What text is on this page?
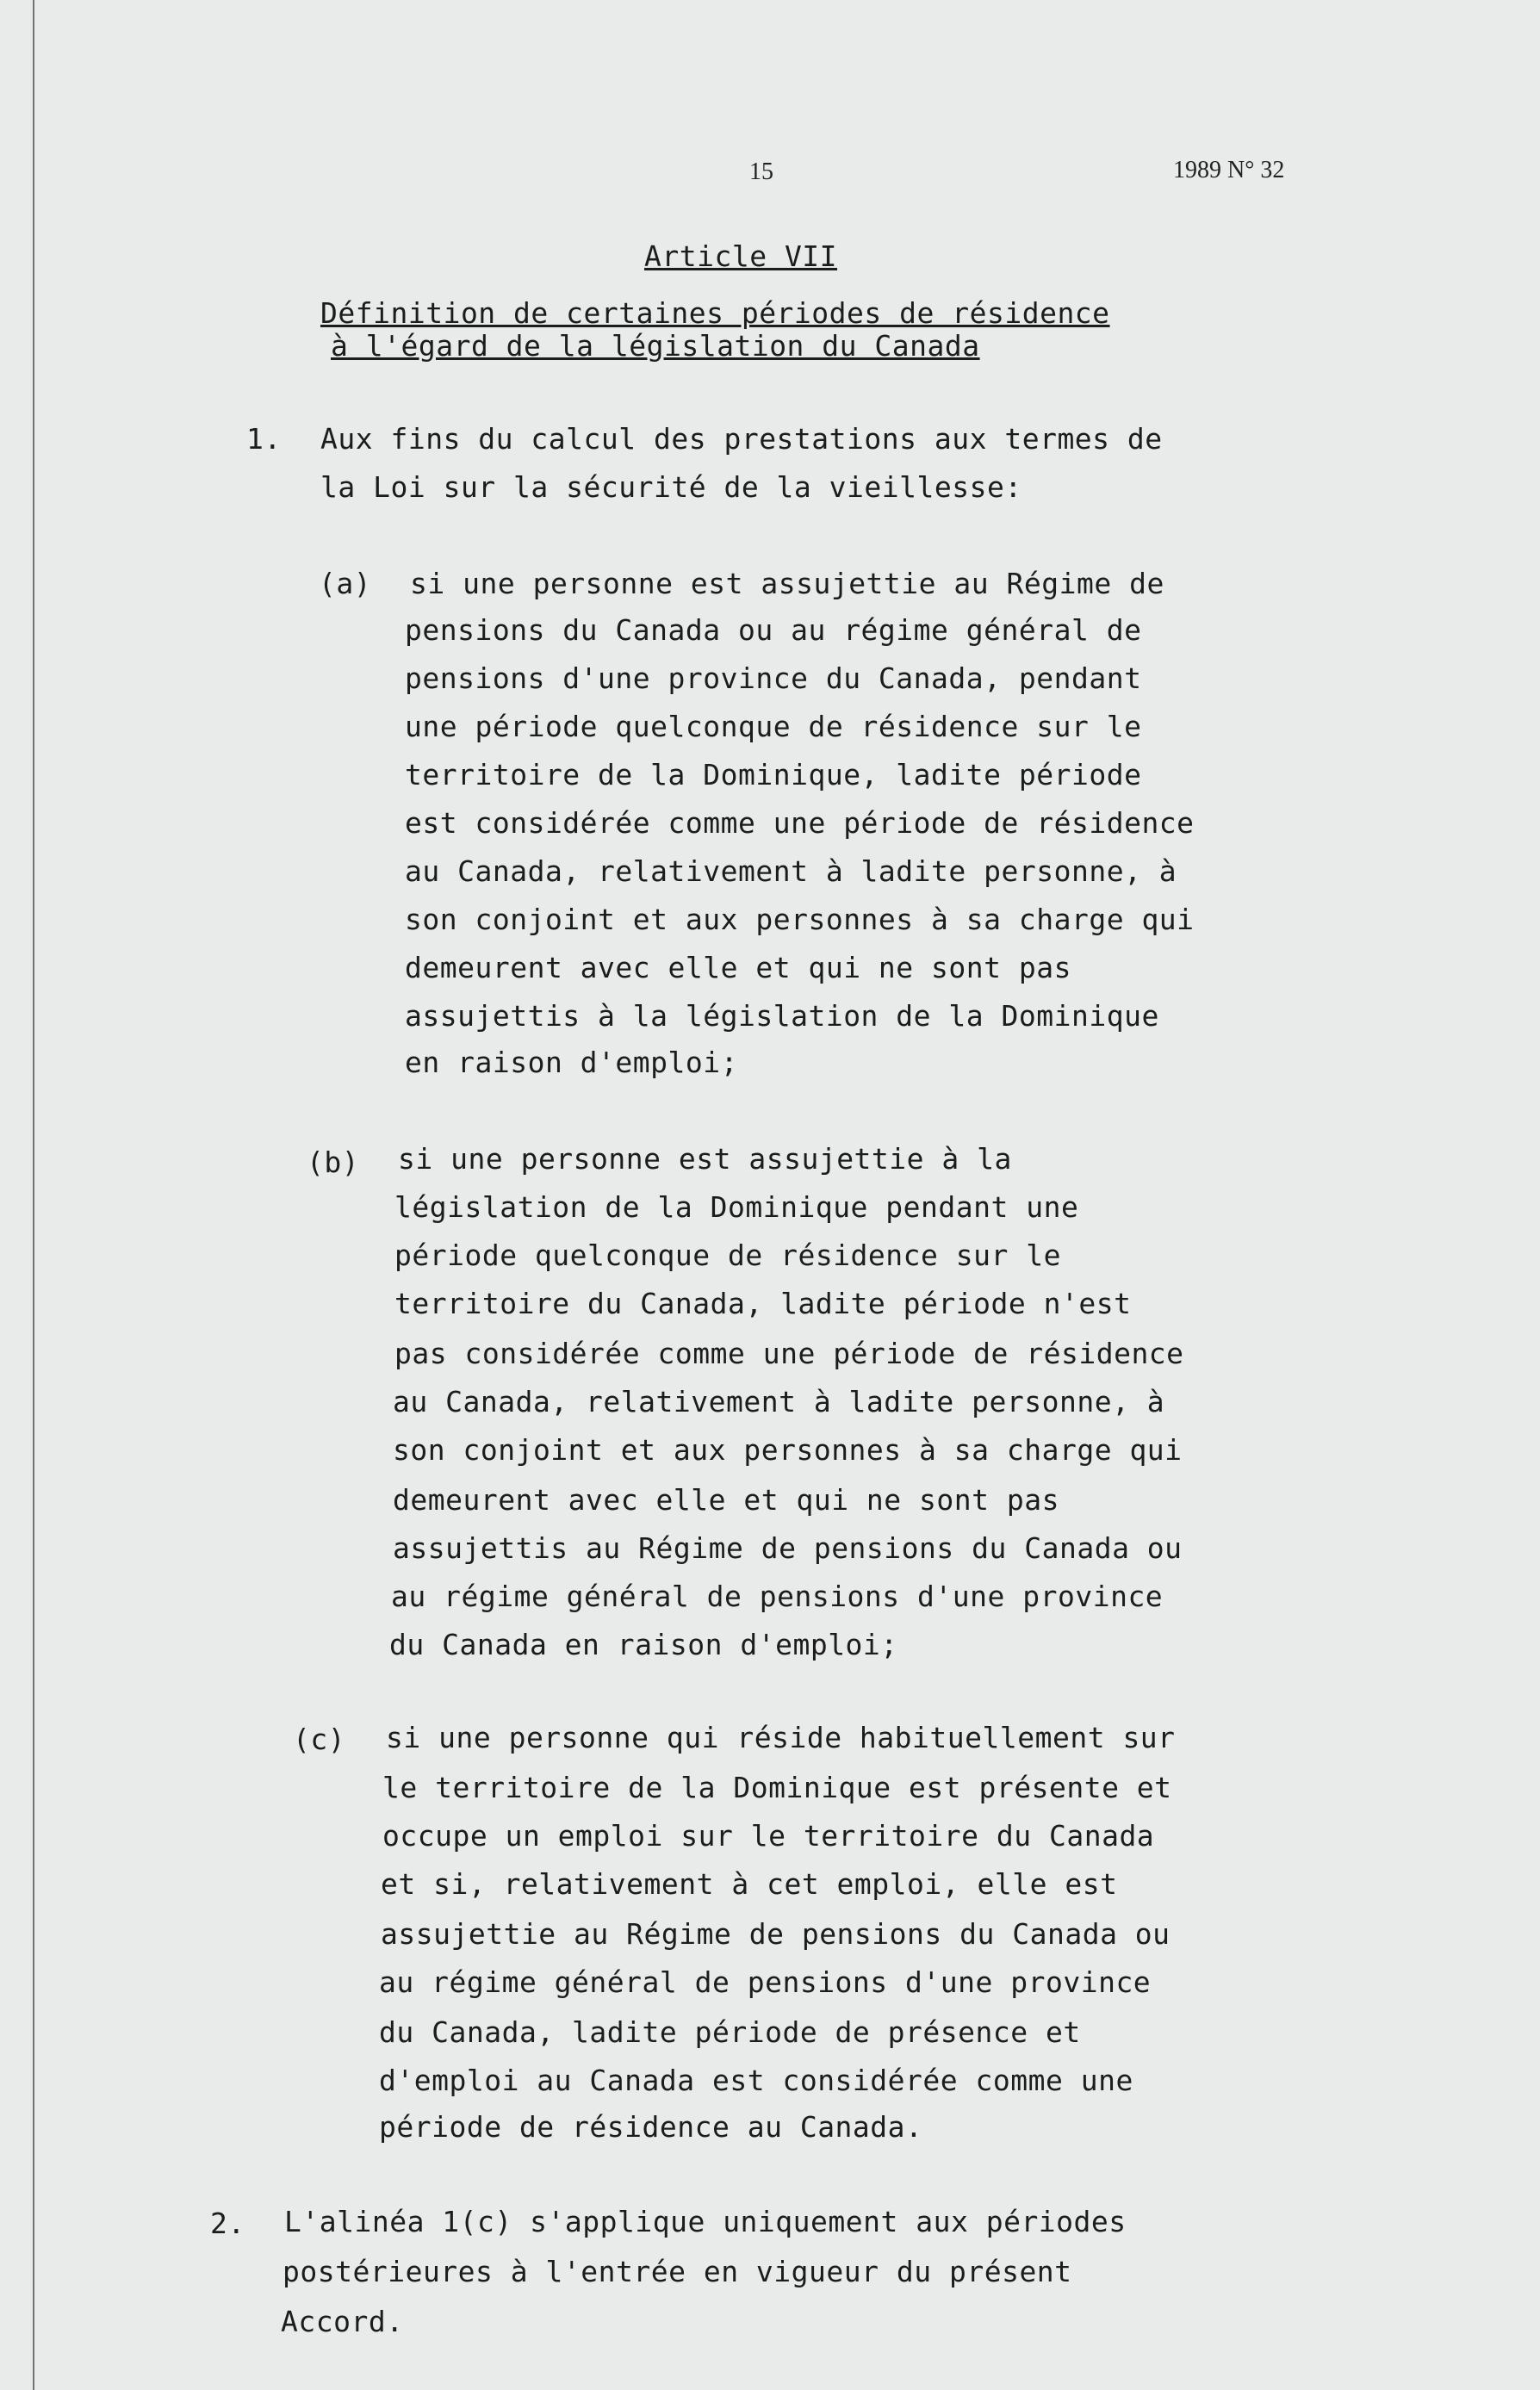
15	1989 N° 32
Article VII
Définition de certaines périodes de résidence
à l'égard de la législation du Canada
1. Aux fins du calcul des prestations aux termes de
la Loi sur la sécurité de la vieillesse:
(a) si une personne est assujettie au Régime de
pensions du Canada ou au régime général de
pensions d'une province du Canada, pendant
une période quelconque de résidence sur le
territoire de la Dominique, ladite période
est considérée comme une période de résidence
au Canada, relativement à ladite personne, à
son conjoint et aux personnes à sa charge qui
demeurent avec elle et qui ne sont pas
assujettis à la législation de la Dominique
en raison d'emploi;
(b) si une personne est assujettie à la
législation de la Dominique pendant une
période quelconque de résidence sur le
territoire du Canada, ladite période n'est
pas considérée comme une période de résidence
au Canada, relativement à ladite personne, à
son conjoint et aux personnes à sa charge qui
demeurent avec elle et qui ne sont pas
assujettis au Régime de pensions du Canada ou
au régime général de pensions d'une province
du Canada en raison d'emploi;
(c) si une personne qui réside habituellement sur
le territoire de la Dominique est présente et
occupe un emploi sur le territoire du Canada
et si, relativement à cet emploi, elle est
assujettie au Régime de pensions du Canada ou
au régime général de pensions d'une province
du Canada, ladite période de présence et
d'emploi au Canada est considérée comme une
période de résidence au Canada.
2. L'alinéa 1(c) s'applique uniquement aux périodes
postérieures à l'entrée en vigueur du présent
Accord.
